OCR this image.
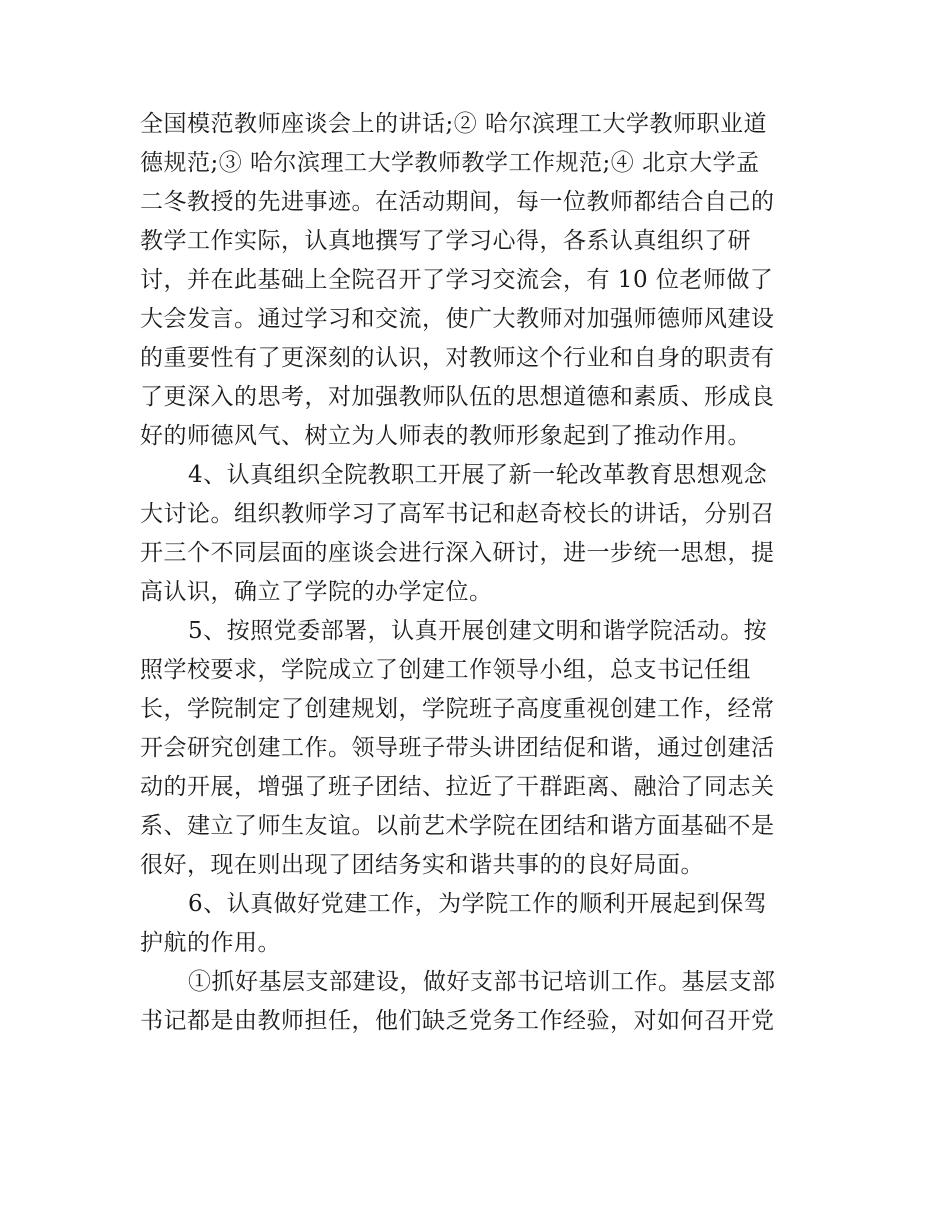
全国模范教师座谈会上的讲话;② 哈尔滨理工大学教师职业道
德规范;③ 哈尔滨理工大学教师教学工作规范;④ 北京大学孟
二冬教授的先进事迹。在活动期间，每一位教师都结合自己的
教学工作实际，认真地撰写了学习心得，各系认真组织了研
讨，并在此基础上全院召开了学习交流会，有 10 位老师做了
大会发言。通过学习和交流，使广大教师对加强师德师风建设
的重要性有了更深刻的认识，对教师这个行业和自身的职责有
了更深入的思考，对加强教师队伍的思想道德和素质、形成良
好的师德风气、树立为人师表的教师形象起到了推动作用。
4、认真组织全院教职工开展了新一轮改革教育思想观念
大讨论。组织教师学习了高军书记和赵奇校长的讲话，分别召
开三个不同层面的座谈会进行深入研讨，进一步统一思想，提
高认识，确立了学院的办学定位。
5、按照党委部署，认真开展创建文明和谐学院活动。按
照学校要求，学院成立了创建工作领导小组，总支书记任组
长，学院制定了创建规划，学院班子高度重视创建工作，经常
开会研究创建工作。领导班子带头讲团结促和谐，通过创建活
动的开展，增强了班子团结、拉近了干群距离、融洽了同志关
系、建立了师生友谊。以前艺术学院在团结和谐方面基础不是
很好，现在则出现了团结务实和谐共事的的良好局面。
6、认真做好党建工作，为学院工作的顺利开展起到保驾
护航的作用。
①抓好基层支部建设，做好支部书记培训工作。基层支部
书记都是由教师担任，他们缺乏党务工作经验，对如何召开党
